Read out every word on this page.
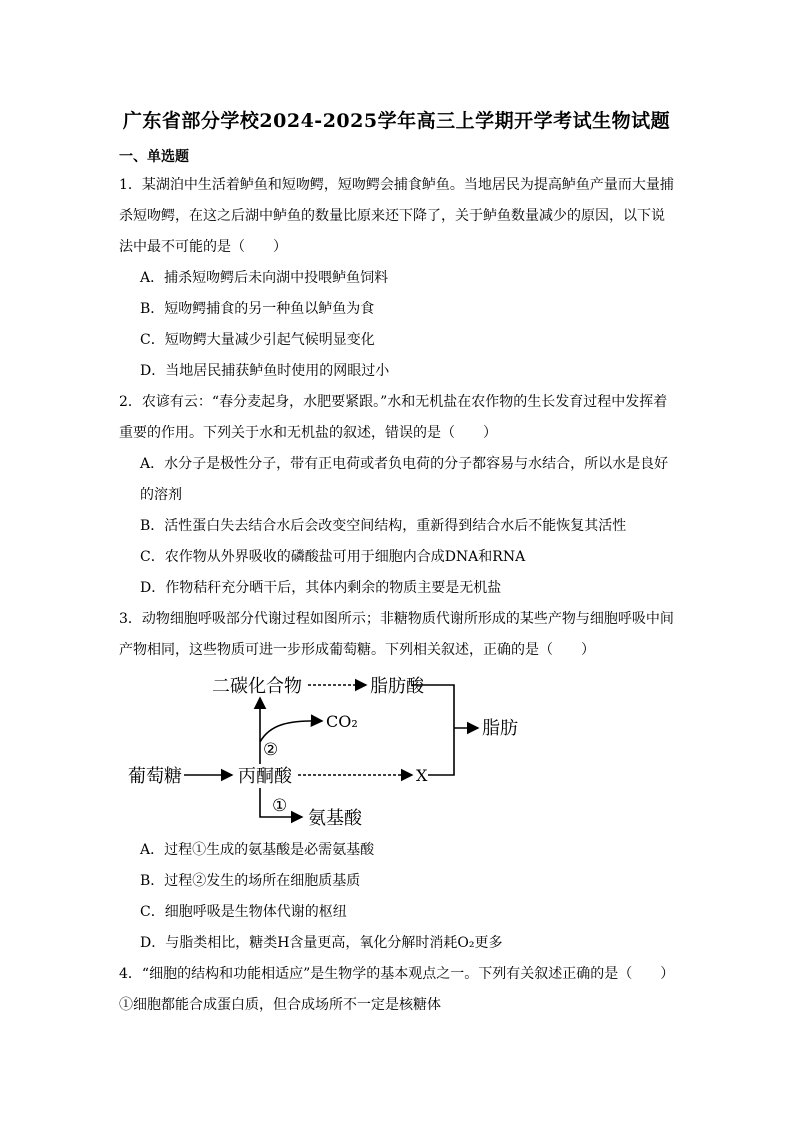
广东省部分学校2024-2025学年高三上学期开学考试生物试题
一、单选题
1．某湖泊中生活着鲈鱼和短吻鳄，短吻鳄会捕食鲈鱼。当地居民为提高鲈鱼产量而大量捕
杀短吻鳄，在这之后湖中鲈鱼的数量比原来还下降了，关于鲈鱼数量减少的原因，以下说
法中最不可能的是（　　）
A．捕杀短吻鳄后未向湖中投喂鲈鱼饲料
B．短吻鳄捕食的另一种鱼以鲈鱼为食
C．短吻鳄大量减少引起气候明显变化
D．当地居民捕获鲈鱼时使用的网眼过小
2．农谚有云：“春分麦起身，水肥要紧跟。”水和无机盐在农作物的生长发育过程中发挥着
重要的作用。下列关于水和无机盐的叙述，错误的是（　　）
A．水分子是极性分子，带有正电荷或者负电荷的分子都容易与水结合，所以水是良好
的溶剂
B．活性蛋白失去结合水后会改变空间结构，重新得到结合水后不能恢复其活性
C．农作物从外界吸收的磷酸盐可用于细胞内合成DNA和RNA
D．作物秸秆充分晒干后，其体内剩余的物质主要是无机盐
3．动物细胞呼吸部分代谢过程如图所示；非糖物质代谢所形成的某些产物与细胞呼吸中间
产物相同，这些物质可进一步形成葡萄糖。下列相关叙述，正确的是（　　）
二碳化合物	脂肪酸
CO₂	脂肪
②
葡萄糖	丙酮酸	X
①
氨基酸
A．过程①生成的氨基酸是必需氨基酸
B．过程②发生的场所在细胞质基质
C．细胞呼吸是生物体代谢的枢纽
D．与脂类相比，糖类H含量更高，氧化分解时消耗O₂更多
4．“细胞的结构和功能相适应”是生物学的基本观点之一。下列有关叙述正确的是（　　）
①细胞都能合成蛋白质，但合成场所不一定是核糖体
